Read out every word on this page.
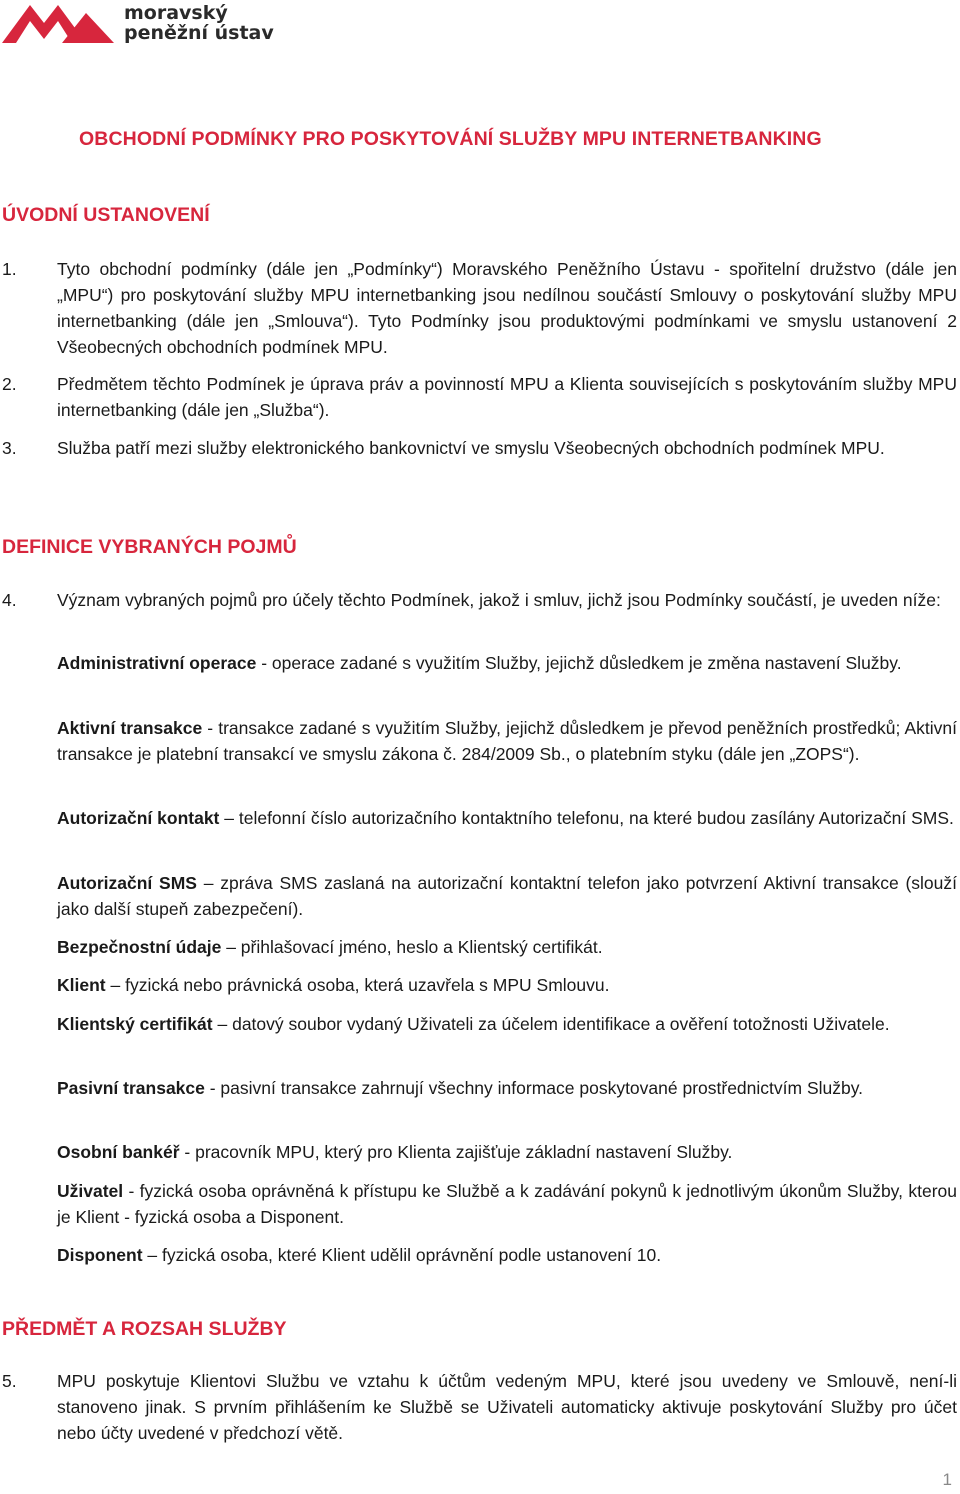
moravský
peněžní ústav
OBCHODNÍ PODMÍNKY PRO POSKYTOVÁNÍ SLUŽBY MPU INTERNETBANKING
ÚVODNÍ USTANOVENÍ
1. Tyto obchodní podmínky (dále jen „Podmínky“) Moravského Peněžního Ústavu - spořitelní družstvo (dále jen „MPU“) pro poskytování služby MPU internetbanking jsou nedílnou součástí Smlouvy o poskytování služby MPU internetbanking (dále jen „Smlouva“). Tyto Podmínky jsou produktovými podmínkami ve smyslu ustanovení 2 Všeobecných obchodních podmínek MPU.
2. Předmětem těchto Podmínek je úprava práv a povinností MPU a Klienta souvisejících s poskytováním služby MPU internetbanking (dále jen „Služba“).
3. Služba patří mezi služby elektronického bankovnictví ve smyslu Všeobecných obchodních podmínek MPU.
DEFINICE VYBRANÝCH POJMŮ
4. Význam vybraných pojmů pro účely těchto Podmínek, jakož i smluv, jichž jsou Podmínky součástí, je uveden níže:
Administrativní operace - operace zadané s využitím Služby, jejichž důsledkem je změna nastavení Služby.
Aktivní transakce - transakce zadané s využitím Služby, jejichž důsledkem je převod peněžních prostředků; Aktivní transakce je platební transakcí ve smyslu zákona č. 284/2009 Sb., o platebním styku (dále jen „ZOPS“).
Autorizační kontakt – telefonní číslo autorizačního kontaktního telefonu, na které budou zasílány Autorizační SMS.
Autorizační SMS – zpráva SMS zaslaná na autorizační kontaktní telefon jako potvrzení Aktivní transakce (slouží jako další stupeň zabezpečení).
Bezpečnostní údaje – přihlašovací jméno, heslo a Klientský certifikát.
Klient – fyzická nebo právnická osoba, která uzavřela s MPU Smlouvu.
Klientský certifikát – datový soubor vydaný Uživateli za účelem identifikace a ověření totožnosti Uživatele.
Pasivní transakce - pasivní transakce zahrnují všechny informace poskytované prostřednictvím Služby.
Osobní bankéř - pracovník MPU, který pro Klienta zajišťuje základní nastavení Služby.
Uživatel - fyzická osoba oprávněná k přístupu ke Službě a k zadávání pokynů k jednotlivým úkonům Služby, kterou je Klient - fyzická osoba a Disponent.
Disponent – fyzická osoba, které Klient udělil oprávnění podle ustanovení 10.
PŘEDMĚT A ROZSAH SLUŽBY
5. MPU poskytuje Klientovi Službu ve vztahu k účtům vedeným MPU, které jsou uvedeny ve Smlouvě, není-li stanoveno jinak. S prvním přihlášením ke Službě se Uživateli automaticky aktivuje poskytování Služby pro účet nebo účty uvedené v předchozí větě.
1
